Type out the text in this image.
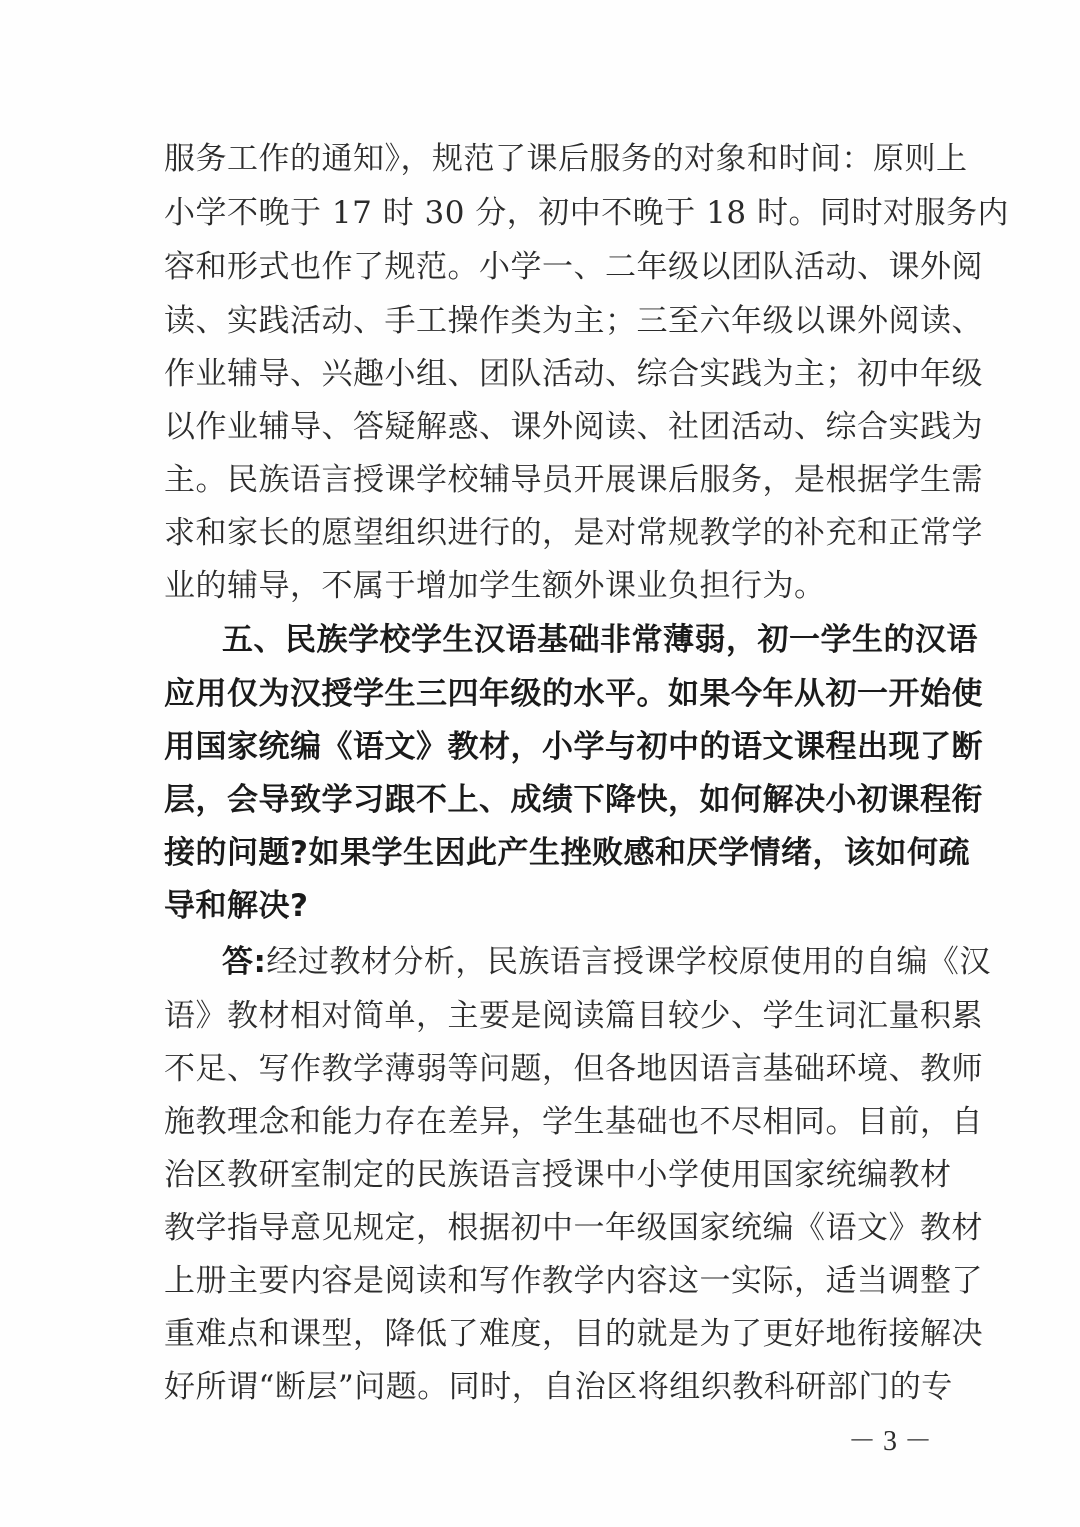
服务工作的通知》，规范了课后服务的对象和时间：原则上
小学不晚于 17 时 30 分，初中不晚于 18 时。同时对服务内
容和形式也作了规范。小学一、二年级以团队活动、课外阅
读、实践活动、手工操作类为主；三至六年级以课外阅读、
作业辅导、兴趣小组、团队活动、综合实践为主；初中年级
以作业辅导、答疑解惑、课外阅读、社团活动、综合实践为
主。民族语言授课学校辅导员开展课后服务，是根据学生需
求和家长的愿望组织进行的，是对常规教学的补充和正常学
业的辅导，不属于增加学生额外课业负担行为。
五、民族学校学生汉语基础非常薄弱，初一学生的汉语
应用仅为汉授学生三四年级的水平。如果今年从初一开始使
用国家统编《语文》教材，小学与初中的语文课程出现了断
层，会导致学习跟不上、成绩下降快，如何解决小初课程衔
接的问题?如果学生因此产生挫败感和厌学情绪，该如何疏
导和解决?
答:经过教材分析，民族语言授课学校原使用的自编《汉
语》教材相对简单，主要是阅读篇目较少、学生词汇量积累
不足、写作教学薄弱等问题，但各地因语言基础环境、教师
施教理念和能力存在差异，学生基础也不尽相同。目前，自
治区教研室制定的民族语言授课中小学使用国家统编教材
教学指导意见规定，根据初中一年级国家统编《语文》教材
上册主要内容是阅读和写作教学内容这一实际，适当调整了
重难点和课型，降低了难度，目的就是为了更好地衔接解决
好所谓“断层”问题。同时，自治区将组织教科研部门的专
－ 3 －
